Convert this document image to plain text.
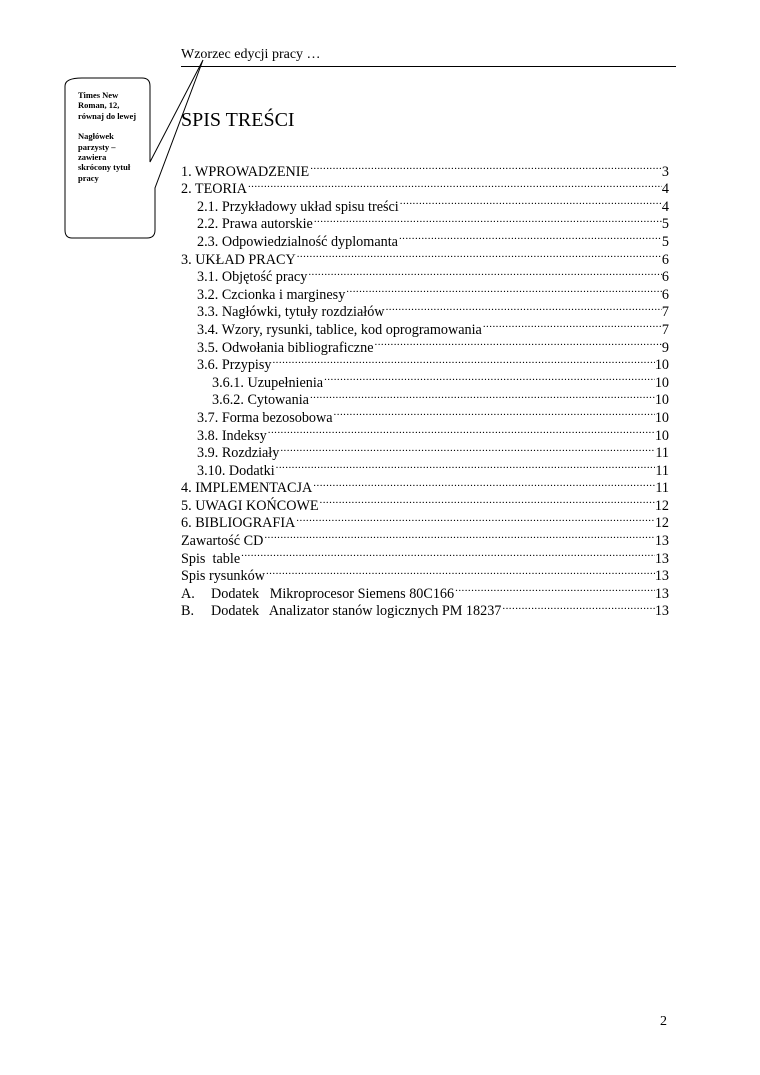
Wzorzec edycji pracy …

Times New Roman, 12, równaj do lewej

Nagłówek parzysty – zawiera skrócony tytuł pracy

SPIS TREŚCI
1. WPROWADZENIE .....	3
2. TEORIA .....	4
2.1. Przykładowy układ spisu treści .....	4
2.2. Prawa autorskie .....	5
2.3. Odpowiedzialność dyplomanta .....	5
3. UKŁAD PRACY .....	6
3.1. Objętość pracy .....	6
3.2. Czcionka i marginesy .....	6
3.3. Nagłówki, tytuły rozdziałów .....	7
3.4. Wzory, rysunki, tablice, kod oprogramowania .....	7
3.5. Odwołania bibliograficzne .....	9
3.6. Przypisy .....	10
3.6.1. Uzupełnienia .....	10
3.6.2. Cytowania .....	10
3.7. Forma bezosobowa .....	10
3.8. Indeksy .....	10
3.9. Rozdziały .....	11
3.10. Dodatki .....	11
4. IMPLEMENTACJA .....	11
5. UWAGI KOŃCOWE .....	12
6. BIBLIOGRAFIA .....	12
Zawartość CD .....	13
Spis  table .....	13
Spis rysunków .....	13
A.	Dodatek   Mikroprocesor Siemens 80C166 .....	13
B.	Dodatek   Analizator stanów logicznych PM 18237 .....	13
2
